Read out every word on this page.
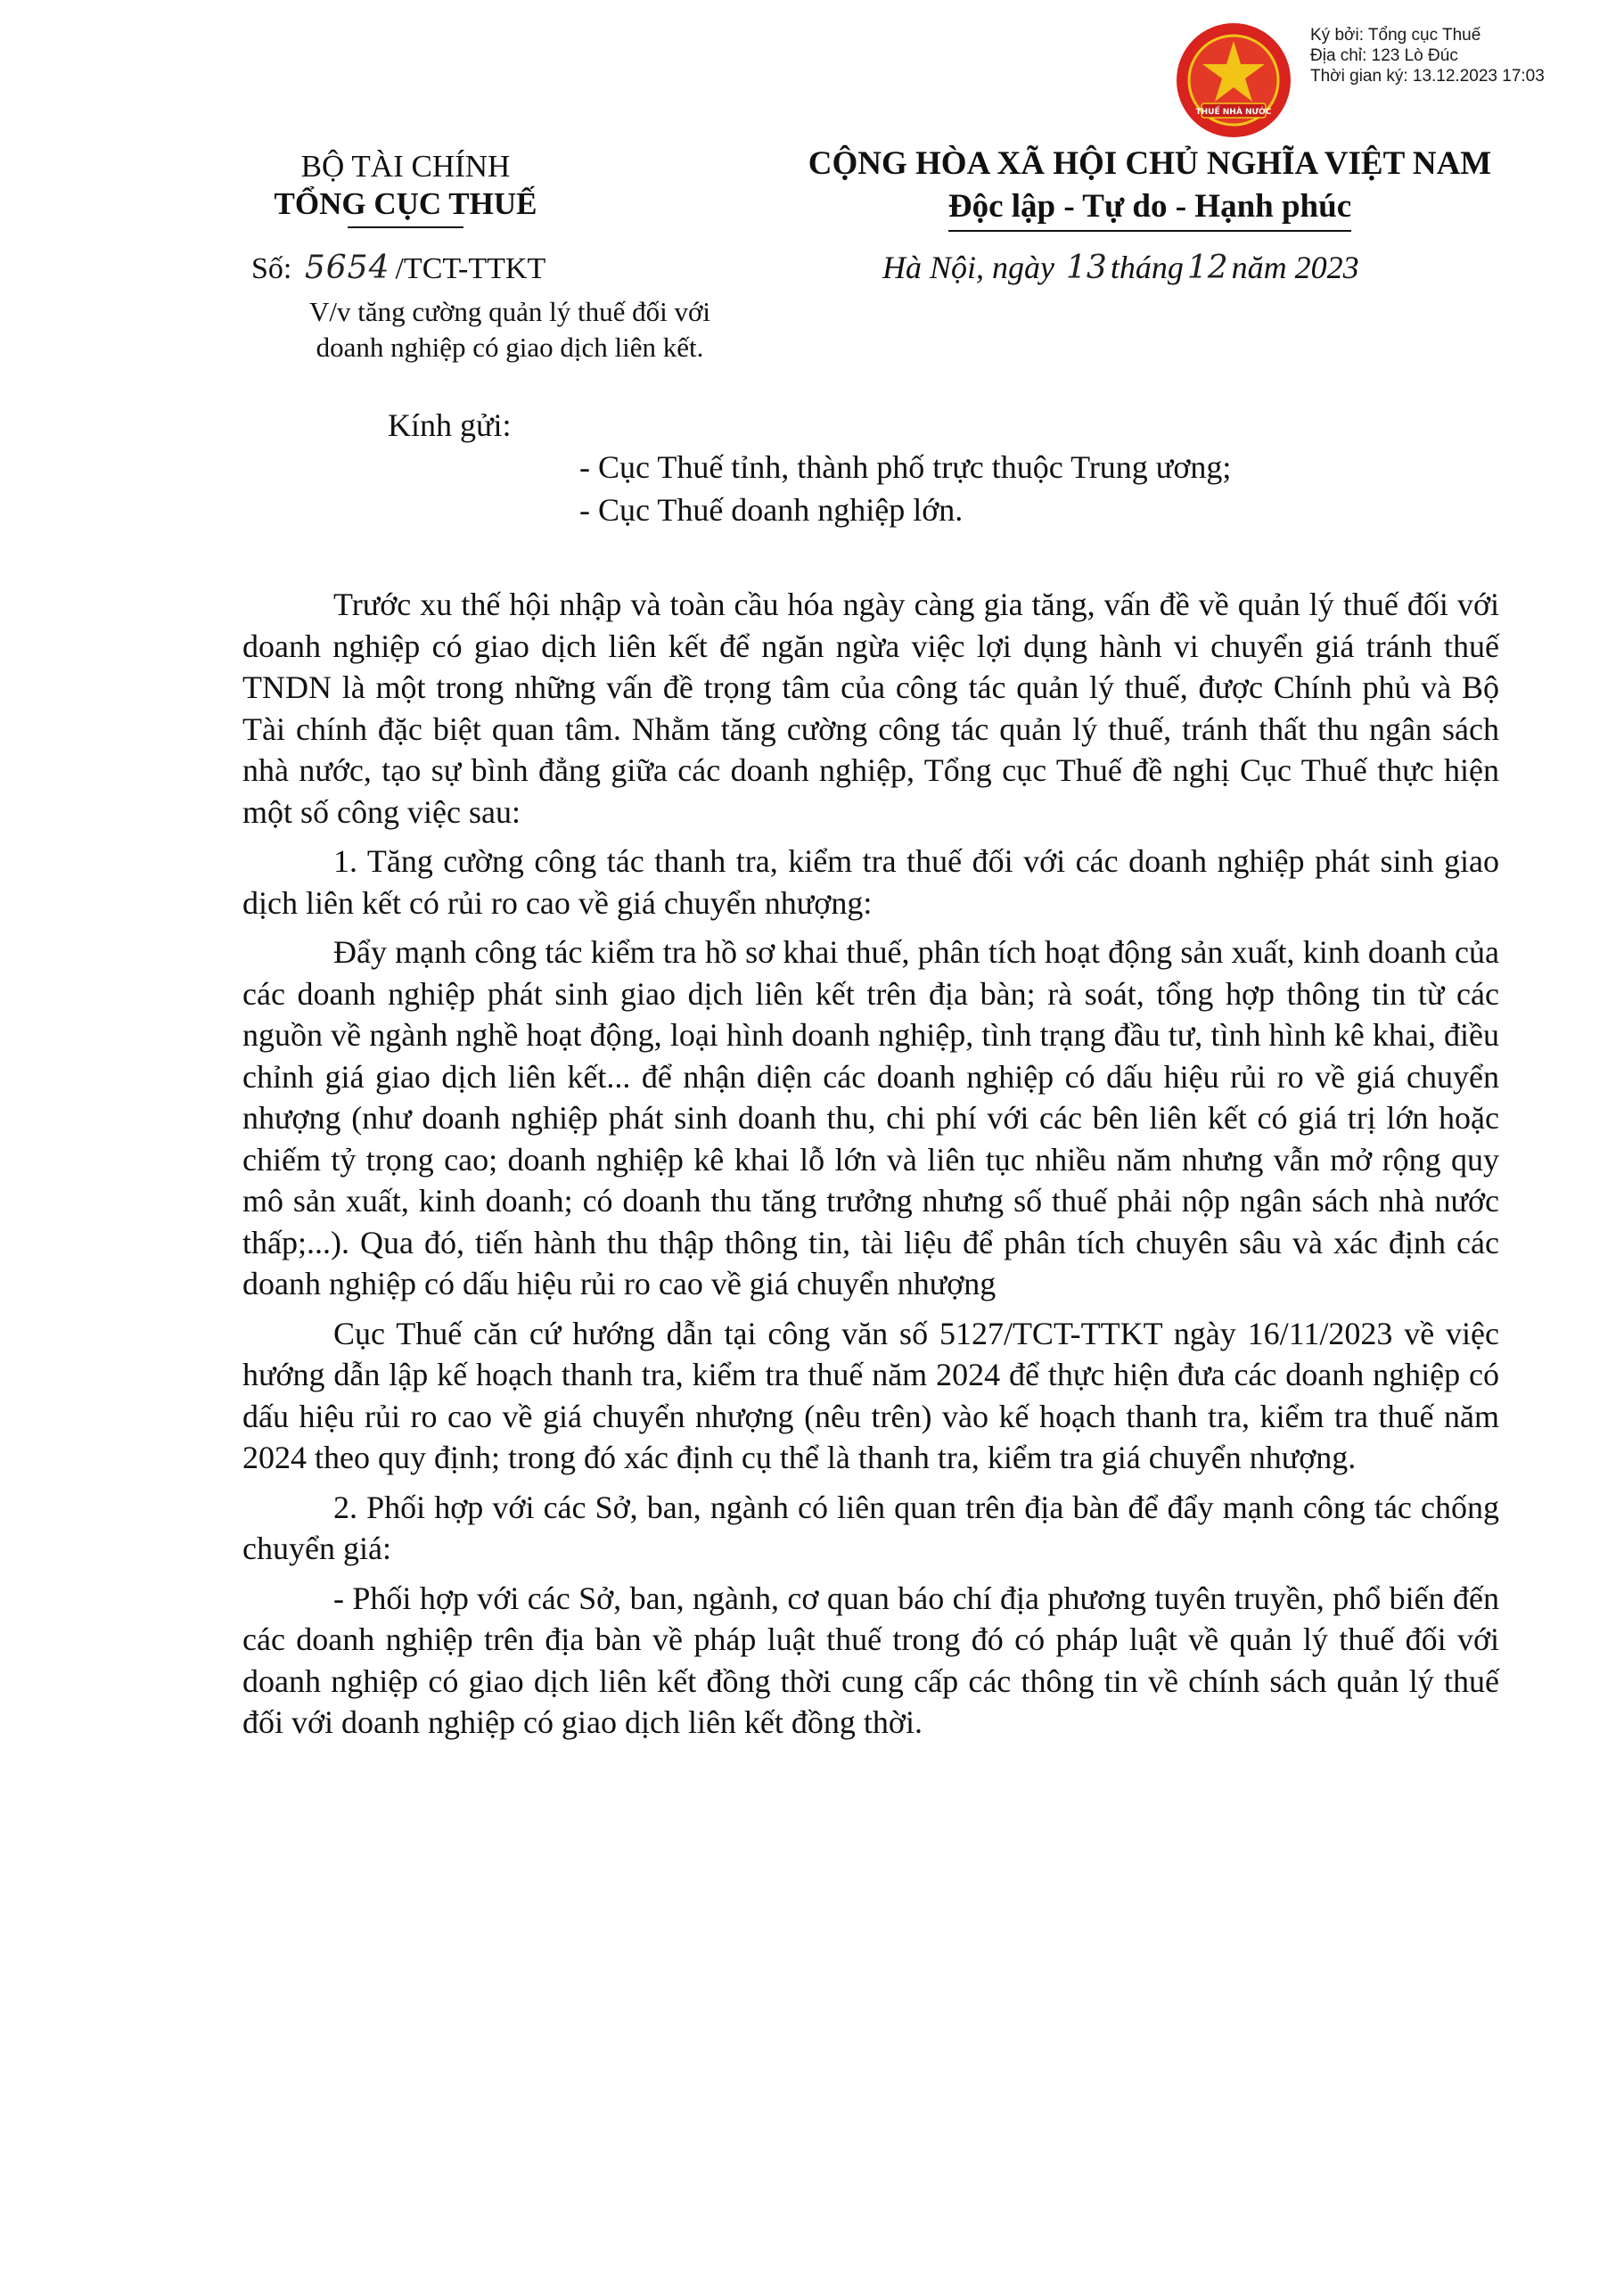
THUẾ NHÀ NƯỚC
Ký bởi: Tổng cục Thuế
Địa chỉ: 123 Lò Đúc
Thời gian ký: 13.12.2023 17:03
BỘ TÀI CHÍNH
TỔNG CỤC THUẾ
CỘNG HÒA XÃ HỘI CHỦ NGHĨA VIỆT NAM
Độc lập - Tự do - Hạnh phúc
Số: 5654 /TCT-TTKT
V/v tăng cường quản lý thuế đối với
doanh nghiệp có giao dịch liên kết.
Hà Nội, ngày 13 tháng 12 năm 2023
Kính gửi:
- Cục Thuế tỉnh, thành phố trực thuộc Trung ương;
- Cục Thuế doanh nghiệp lớn.

Trước xu thế hội nhập và toàn cầu hóa ngày càng gia tăng, vấn đề về quản lý thuế đối với doanh nghiệp có giao dịch liên kết để ngăn ngừa việc lợi dụng hành vi chuyển giá tránh thuế TNDN là một trong những vấn đề trọng tâm của công tác quản lý thuế, được Chính phủ và Bộ Tài chính đặc biệt quan tâm. Nhằm tăng cường công tác quản lý thuế, tránh thất thu ngân sách nhà nước, tạo sự bình đẳng giữa các doanh nghiệp, Tổng cục Thuế đề nghị Cục Thuế thực hiện một số công việc sau:

1. Tăng cường công tác thanh tra, kiểm tra thuế đối với các doanh nghiệp phát sinh giao dịch liên kết có rủi ro cao về giá chuyển nhượng:

Đẩy mạnh công tác kiểm tra hồ sơ khai thuế, phân tích hoạt động sản xuất, kinh doanh của các doanh nghiệp phát sinh giao dịch liên kết trên địa bàn; rà soát, tổng hợp thông tin từ các nguồn về ngành nghề hoạt động, loại hình doanh nghiệp, tình trạng đầu tư, tình hình kê khai, điều chỉnh giá giao dịch liên kết... để nhận diện các doanh nghiệp có dấu hiệu rủi ro về giá chuyển nhượng (như doanh nghiệp phát sinh doanh thu, chi phí với các bên liên kết có giá trị lớn hoặc chiếm tỷ trọng cao; doanh nghiệp kê khai lỗ lớn và liên tục nhiều năm nhưng vẫn mở rộng quy mô sản xuất, kinh doanh; có doanh thu tăng trưởng nhưng số thuế phải nộp ngân sách nhà nước thấp;...). Qua đó, tiến hành thu thập thông tin, tài liệu để phân tích chuyên sâu và xác định các doanh nghiệp có dấu hiệu rủi ro cao về giá chuyển nhượng

Cục Thuế căn cứ hướng dẫn tại công văn số 5127/TCT-TTKT ngày 16/11/2023 về việc hướng dẫn lập kế hoạch thanh tra, kiểm tra thuế năm 2024 để thực hiện đưa các doanh nghiệp có dấu hiệu rủi ro cao về giá chuyển nhượng (nêu trên) vào kế hoạch thanh tra, kiểm tra thuế năm 2024 theo quy định; trong đó xác định cụ thể là thanh tra, kiểm tra giá chuyển nhượng.

2. Phối hợp với các Sở, ban, ngành có liên quan trên địa bàn để đẩy mạnh công tác chống chuyển giá:

- Phối hợp với các Sở, ban, ngành, cơ quan báo chí địa phương tuyên truyền, phổ biến đến các doanh nghiệp trên địa bàn về pháp luật thuế trong đó có pháp luật về quản lý thuế đối với doanh nghiệp có giao dịch liên kết đồng thời cung cấp các thông tin về chính sách quản lý thuế đối với doanh nghiệp có giao dịch liên kết đồng thời.
